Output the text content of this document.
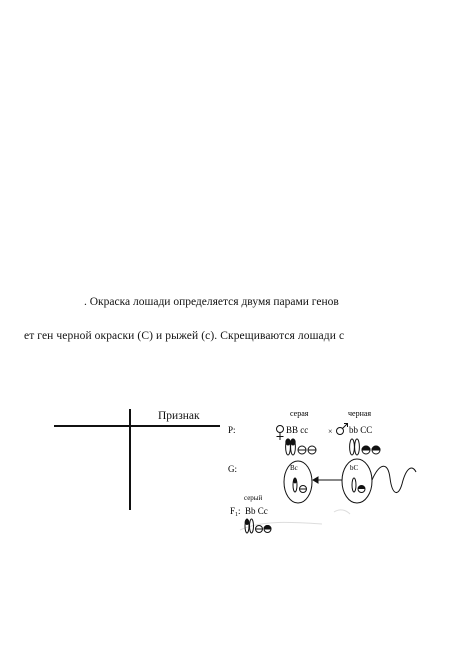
. Окраска лошади определяется двумя парами генов
ет ген черной окраски (С) и рыжей (с). Скрещиваются лошади с
Признак	серая	черная
P:	BB cc × bb CC
G:	Bc	bC
серый
$F_1$: Bb Cc
